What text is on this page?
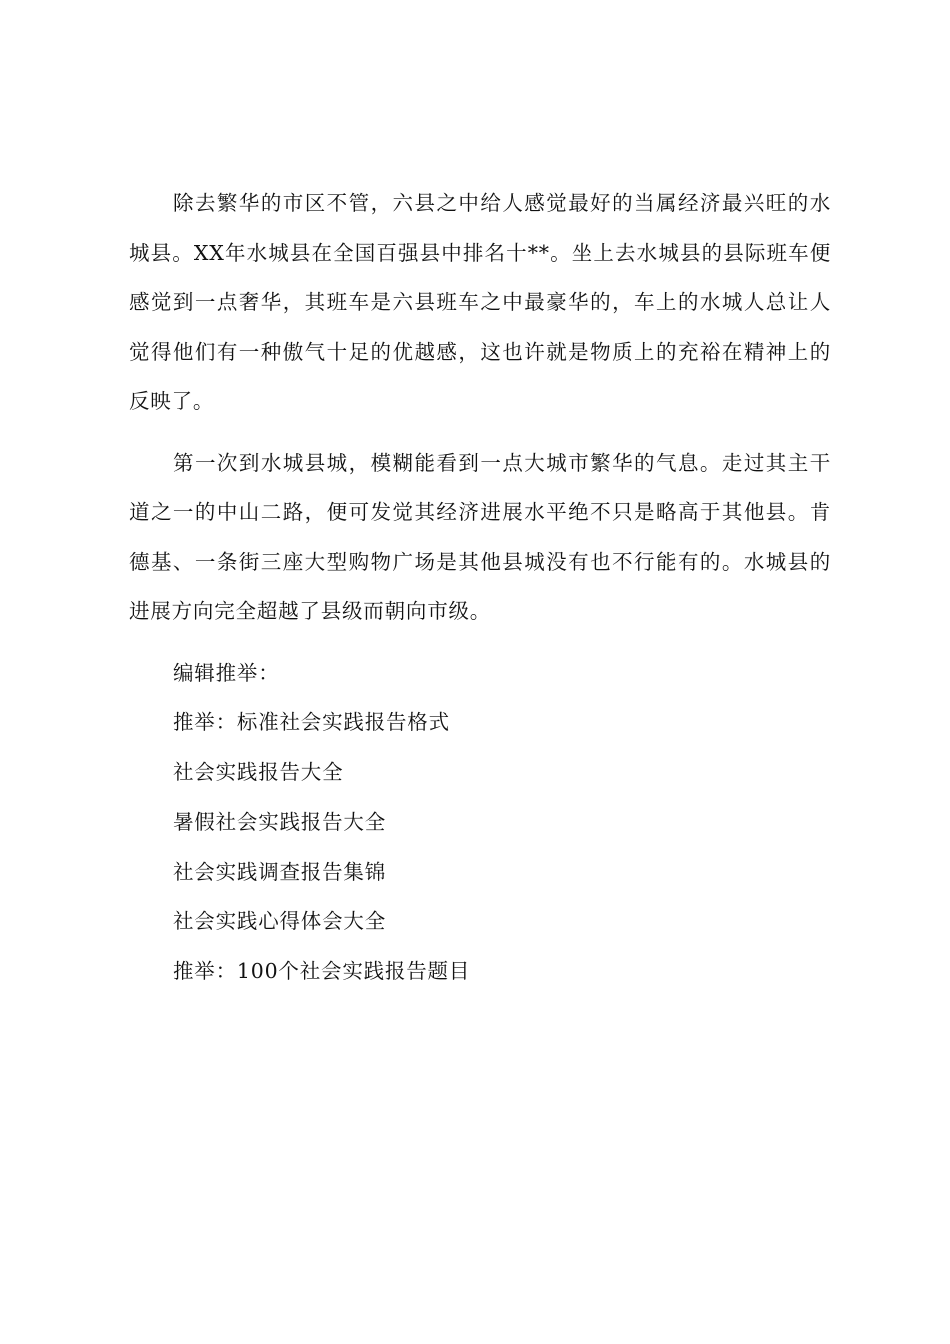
除去繁华的市区不管，六县之中给人感觉最好的当属经济最兴旺的水城县。XX年水城县在全国百强县中排名十**。坐上去水城县的县际班车便感觉到一点奢华，其班车是六县班车之中最豪华的，车上的水城人总让人觉得他们有一种傲气十足的优越感，这也许就是物质上的充裕在精神上的反映了。

第一次到水城县城，模糊能看到一点大城市繁华的气息。走过其主干道之一的中山二路，便可发觉其经济进展水平绝不只是略高于其他县。肯德基、一条街三座大型购物广场是其他县城没有也不行能有的。水城县的进展方向完全超越了县级而朝向市级。

编辑推举：
推举：标准社会实践报告格式
社会实践报告大全
暑假社会实践报告大全
社会实践调查报告集锦
社会实践心得体会大全
推举：100个社会实践报告题目
